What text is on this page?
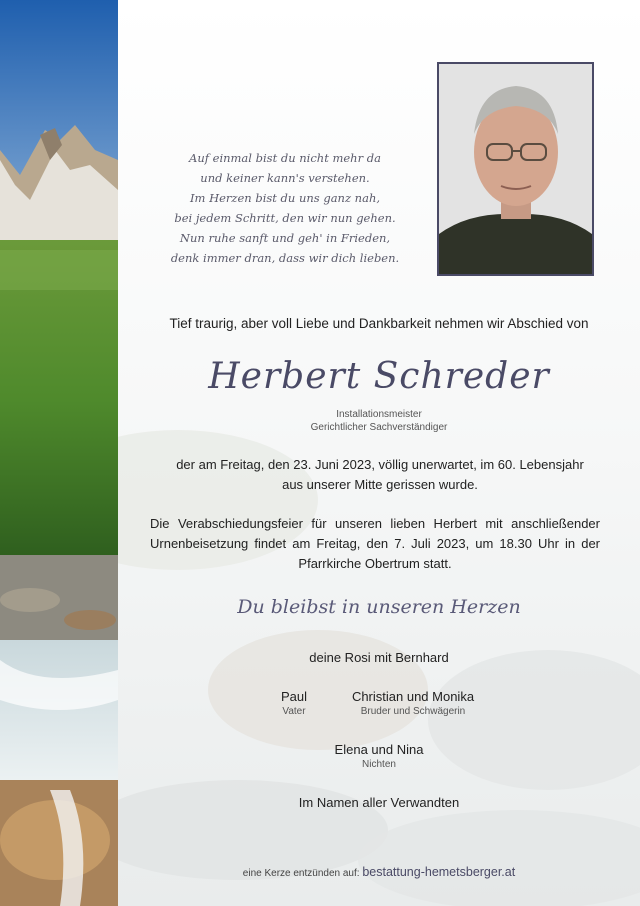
Auf einmal bist du nicht mehr da
und keiner kann's verstehen.
Im Herzen bist du uns ganz nah,
bei jedem Schritt, den wir nun gehen.
Nun ruhe sanft und geh' in Frieden,
denk immer dran, dass wir dich lieben.
Tief traurig, aber voll Liebe und Dankbarkeit nehmen wir Abschied von
Herbert Schreder
Installationsmeister
Gerichtlicher Sachverständiger
der am Freitag, den 23. Juni 2023, völlig unerwartet, im 60. Lebensjahr
aus unserer Mitte gerissen wurde.
Die Verabschiedungsfeier für unseren lieben Herbert mit anschließender Urnenbeisetzung findet am Freitag, den 7. Juli 2023, um 18.30 Uhr in der Pfarrkirche Obertrum statt.
Du bleibst in unseren Herzen
deine Rosi mit Bernhard
Paul
Vater
Christian und Monika
Bruder und Schwägerin
Elena und Nina
Nichten
Im Namen aller Verwandten
eine Kerze entzünden auf: bestattung-hemetsberger.at
